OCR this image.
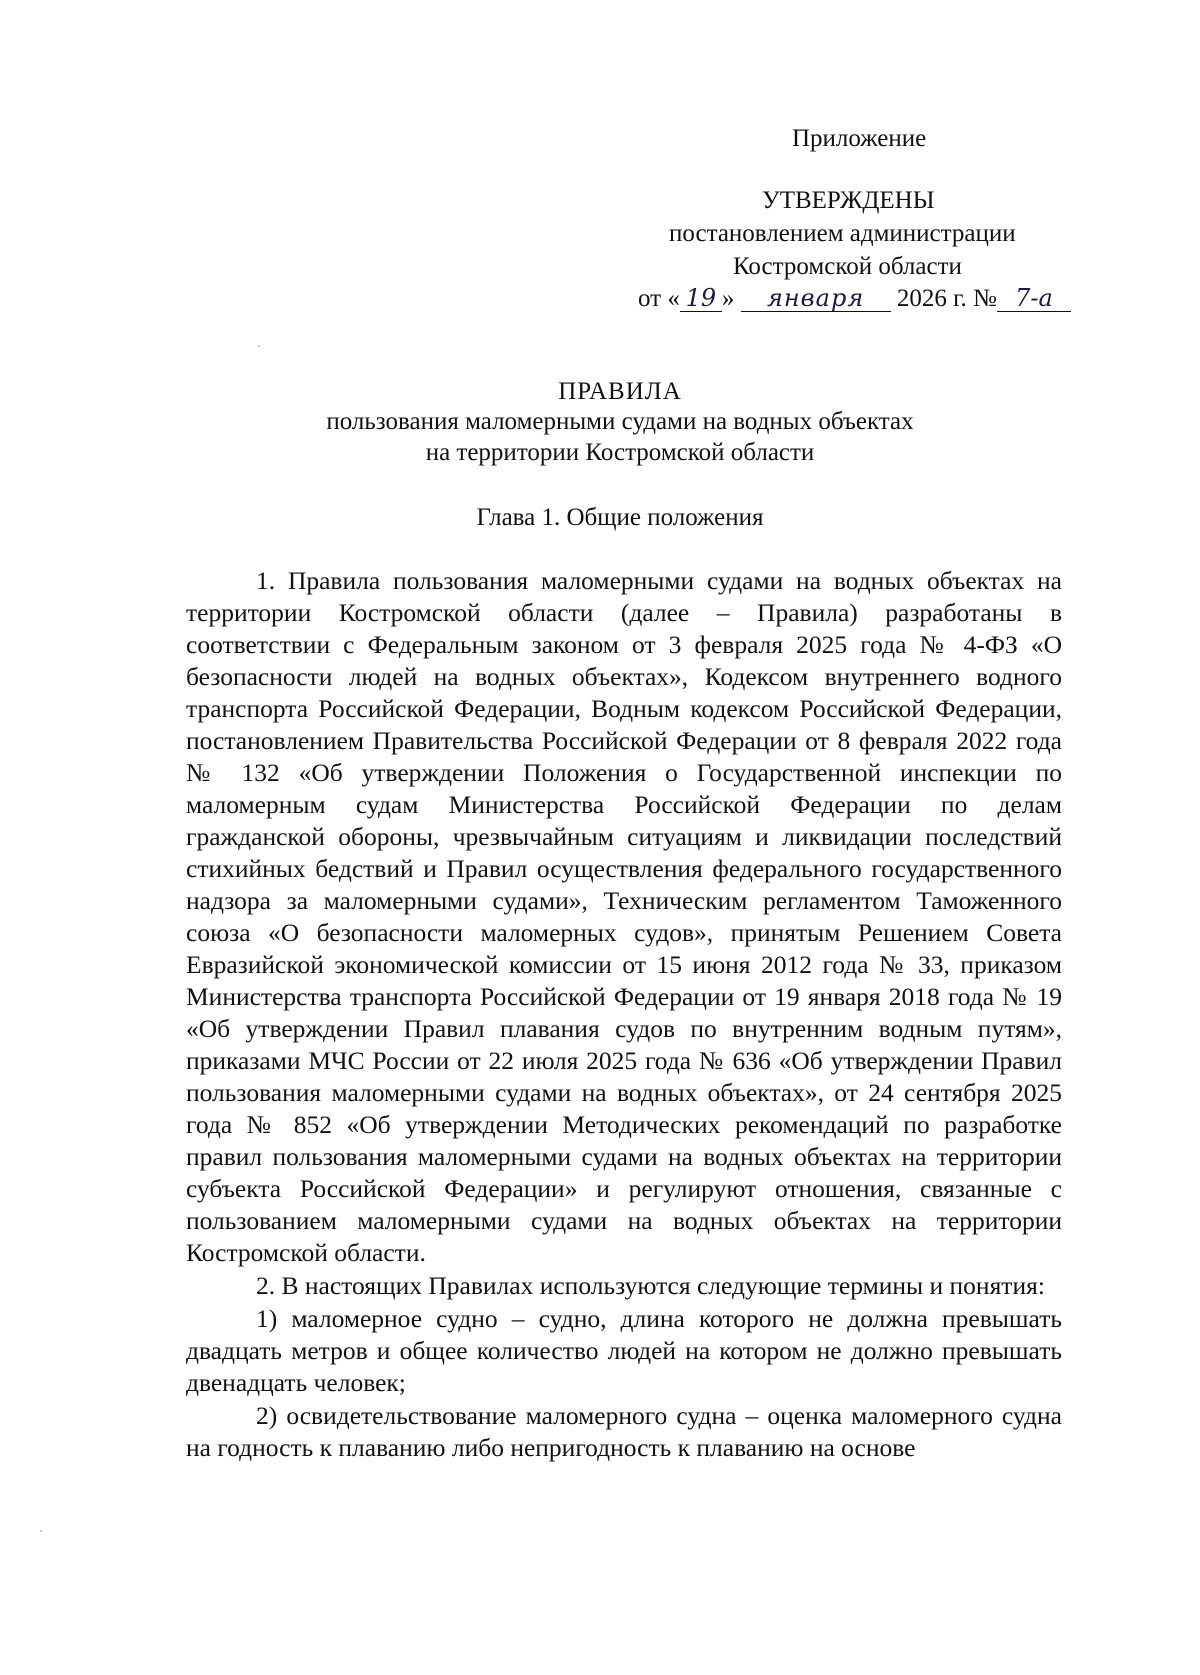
Приложение
УТВЕРЖДЕНЫ
постановлением администрации
Костромской области
от « 19 » января 2026 г. № 7-а
ПРАВИЛА
пользования маломерными судами на водных объектах
на территории Костромской области
Глава 1. Общие положения

1. Правила пользования маломерными судами на водных объектах на территории Костромской области (далее – Правила) разработаны в соответствии с Федеральным законом от 3 февраля 2025 года № 4-ФЗ «О безопасности людей на водных объектах», Кодексом внутреннего водного транспорта Российской Федерации, Водным кодексом Российской Федерации, постановлением Правительства Российской Федерации от 8 февраля 2022 года № 132 «Об утверждении Положения о Государственной инспекции по маломерным судам Министерства Российской Федерации по делам гражданской обороны, чрезвычайным ситуациям и ликвидации последствий стихийных бедствий и Правил осуществления федерального государственного надзора за маломерными судами», Техническим регламентом Таможенного союза «О безопасности маломерных судов», принятым Решением Совета Евразийской экономической комиссии от 15 июня 2012 года № 33, приказом Министерства транспорта Российской Федерации от 19 января 2018 года № 19 «Об утверждении Правил плавания судов по внутренним водным путям», приказами МЧС России от 22 июля 2025 года № 636 «Об утверждении Правил пользования маломерными судами на водных объектах», от 24 сентября 2025 года № 852 «Об утверждении Методических рекомендаций по разработке правил пользования маломерными судами на водных объектах на территории субъекта Российской Федерации» и регулируют отношения, связанные с пользованием маломерными судами на водных объектах на территории Костромской области.

2. В настоящих Правилах используются следующие термины и понятия:

1) маломерное судно – судно, длина которого не должна превышать двадцать метров и общее количество людей на котором не должно превышать двенадцать человек;

2) освидетельствование маломерного судна – оценка маломерного судна на годность к плаванию либо непригодность к плаванию на основе
